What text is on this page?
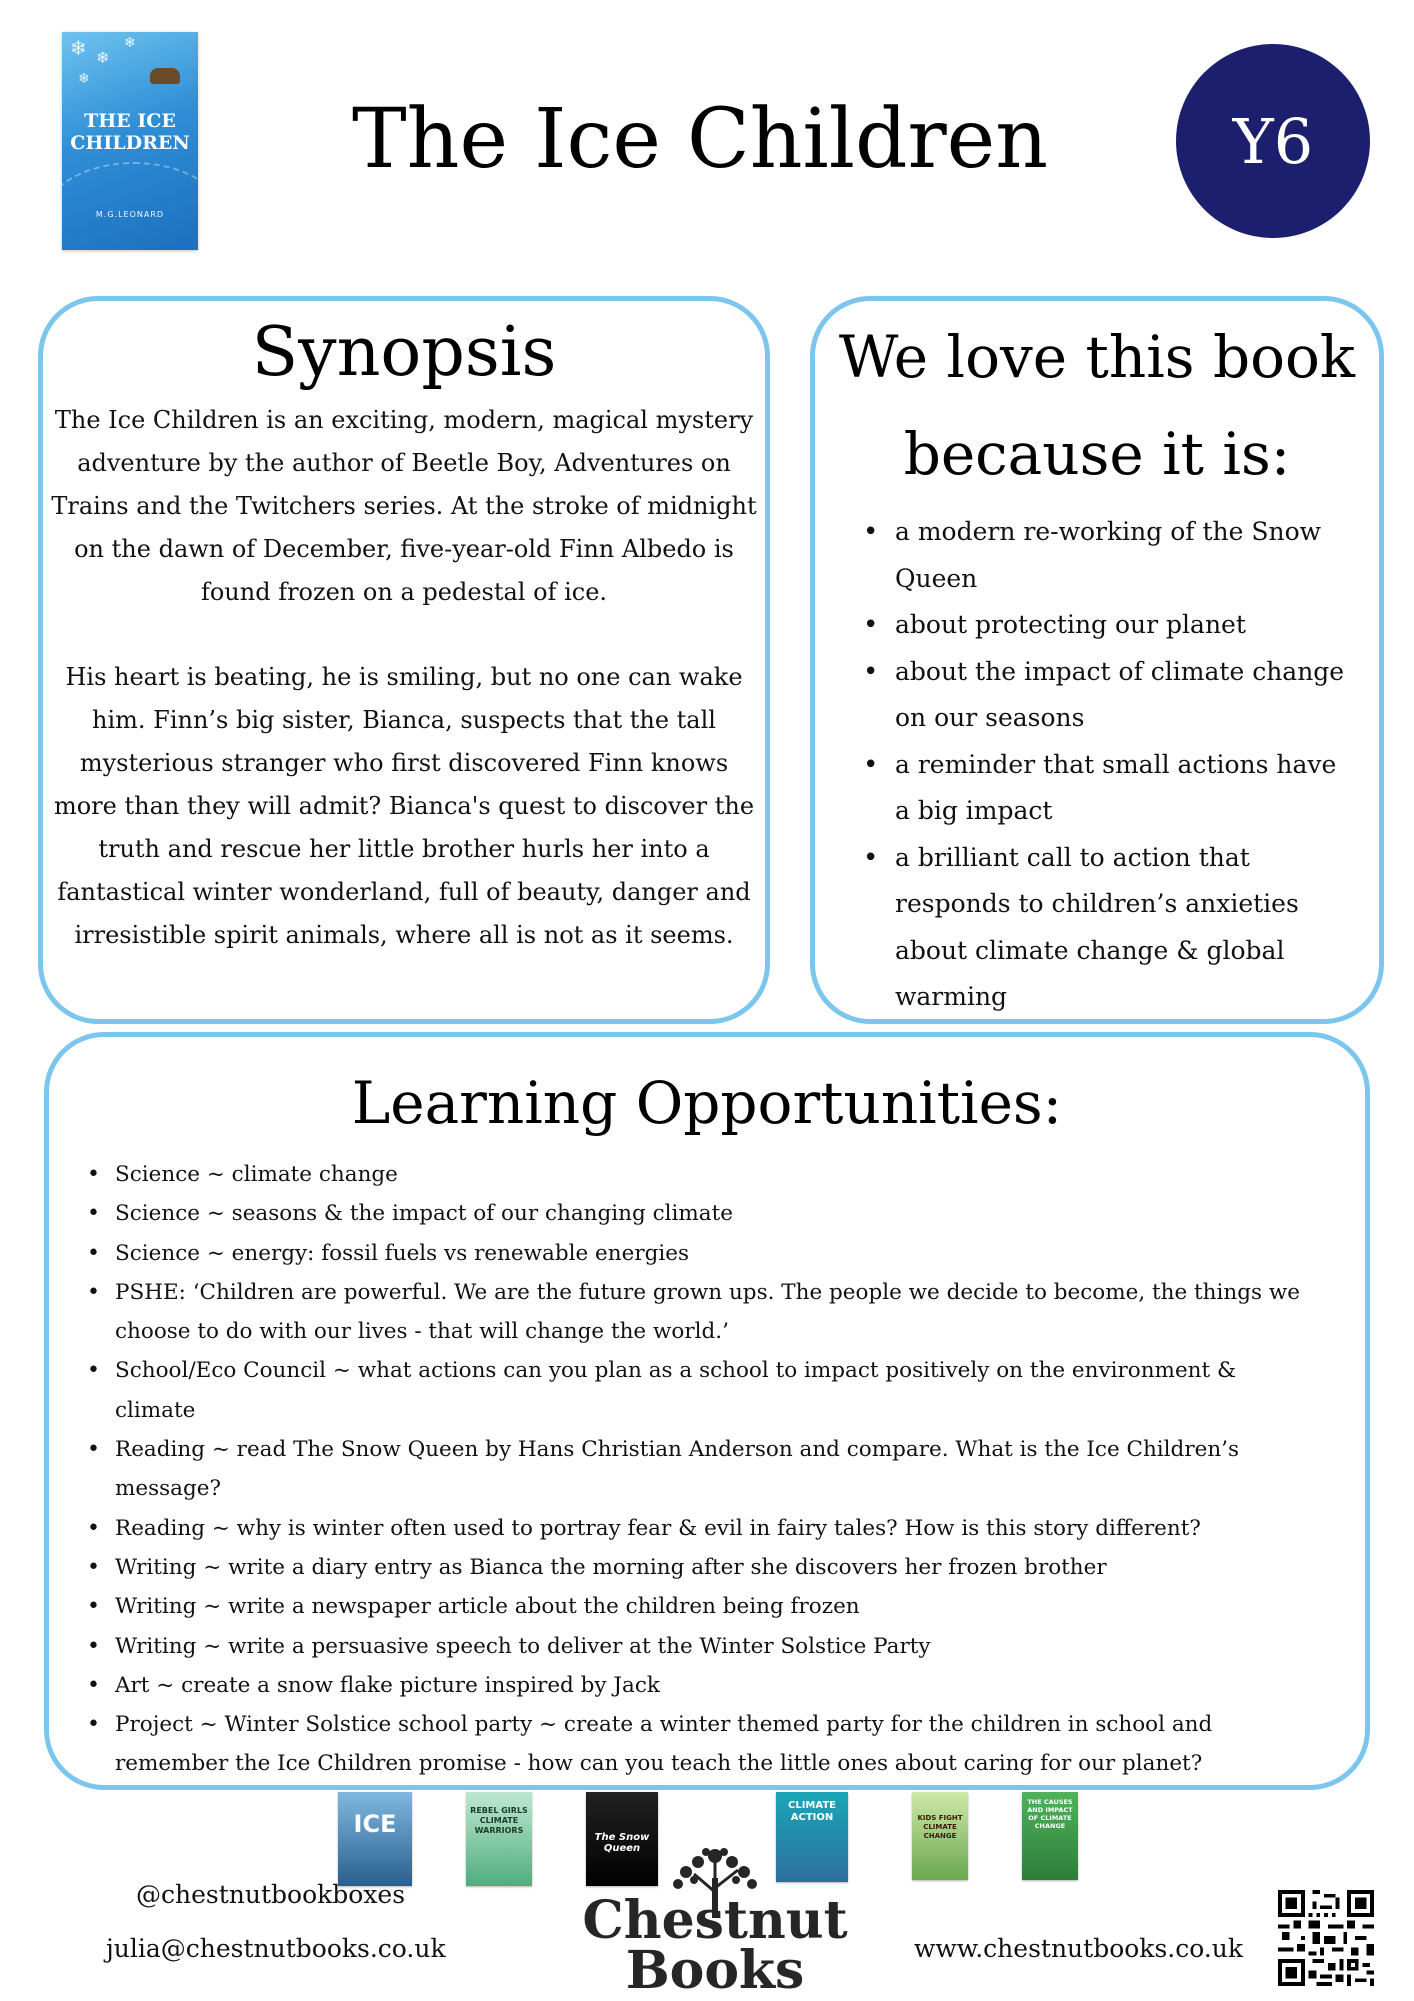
❄ ❄
❄
❄
THE ICE
CHILDREN
M.G.LEONARD
The Ice Children	Y6
Synopsis

The Ice Children is an exciting, modern, magical mystery adventure by the author of Beetle Boy, Adventures on Trains and the Twitchers series. At the stroke of midnight on the dawn of December, five-year-old Finn Albedo is found frozen on a pedestal of ice.

His heart is beating, he is smiling, but no one can wake him. Finn’s big sister, Bianca, suspects that the tall mysterious stranger who first discovered Finn knows more than they will admit? Bianca's quest to discover the truth and rescue her little brother hurls her into a fantastical winter wonderland, full of beauty, danger and irresistible spirit animals, where all is not as it seems.

We love this book because it is:
• a modern re-working of the Snow Queen
• about protecting our planet
• about the impact of climate change on our seasons
• a reminder that small actions have a big impact
• a brilliant call to action that responds to children’s anxieties about climate change & global warming
Learning Opportunities:
• Science ~ climate change
• Science ~ seasons & the impact of our changing climate
• Science ~ energy: fossil fuels vs renewable energies
• PSHE: ‘Children are powerful. We are the future grown ups. The people we decide to become, the things we choose to do with our lives - that will change the world.’
• School/Eco Council ~ what actions can you plan as a school to impact positively on the environment & climate
• Reading ~ read The Snow Queen by Hans Christian Anderson and compare. What is the Ice Children’s message?
• Reading ~ why is winter often used to portray fear & evil in fairy tales? How is this story different?
• Writing ~ write a diary entry as Bianca the morning after she discovers her frozen brother
• Writing ~ write a newspaper article about the children being frozen
• Writing ~ write a persuasive speech to deliver at the Winter Solstice Party
• Art ~ create a snow flake picture inspired by Jack
• Project ~ Winter Solstice school party ~ create a winter themed party for the children in school and remember the Ice Children promise - how can you teach the little ones about caring for our planet?
ICE	REBEL GIRLS CLIMATE WARRIORS
The Snow Queen
CLIMATE ACTION	KIDS FIGHT CLIMATE CHANGE
THE CAUSES AND IMPACT OF CLIMATE CHANGE
@chestnutbookboxes
julia@chestnutbooks.co.uk	www.chestnutbooks.co.uk
Chestnut
Books
